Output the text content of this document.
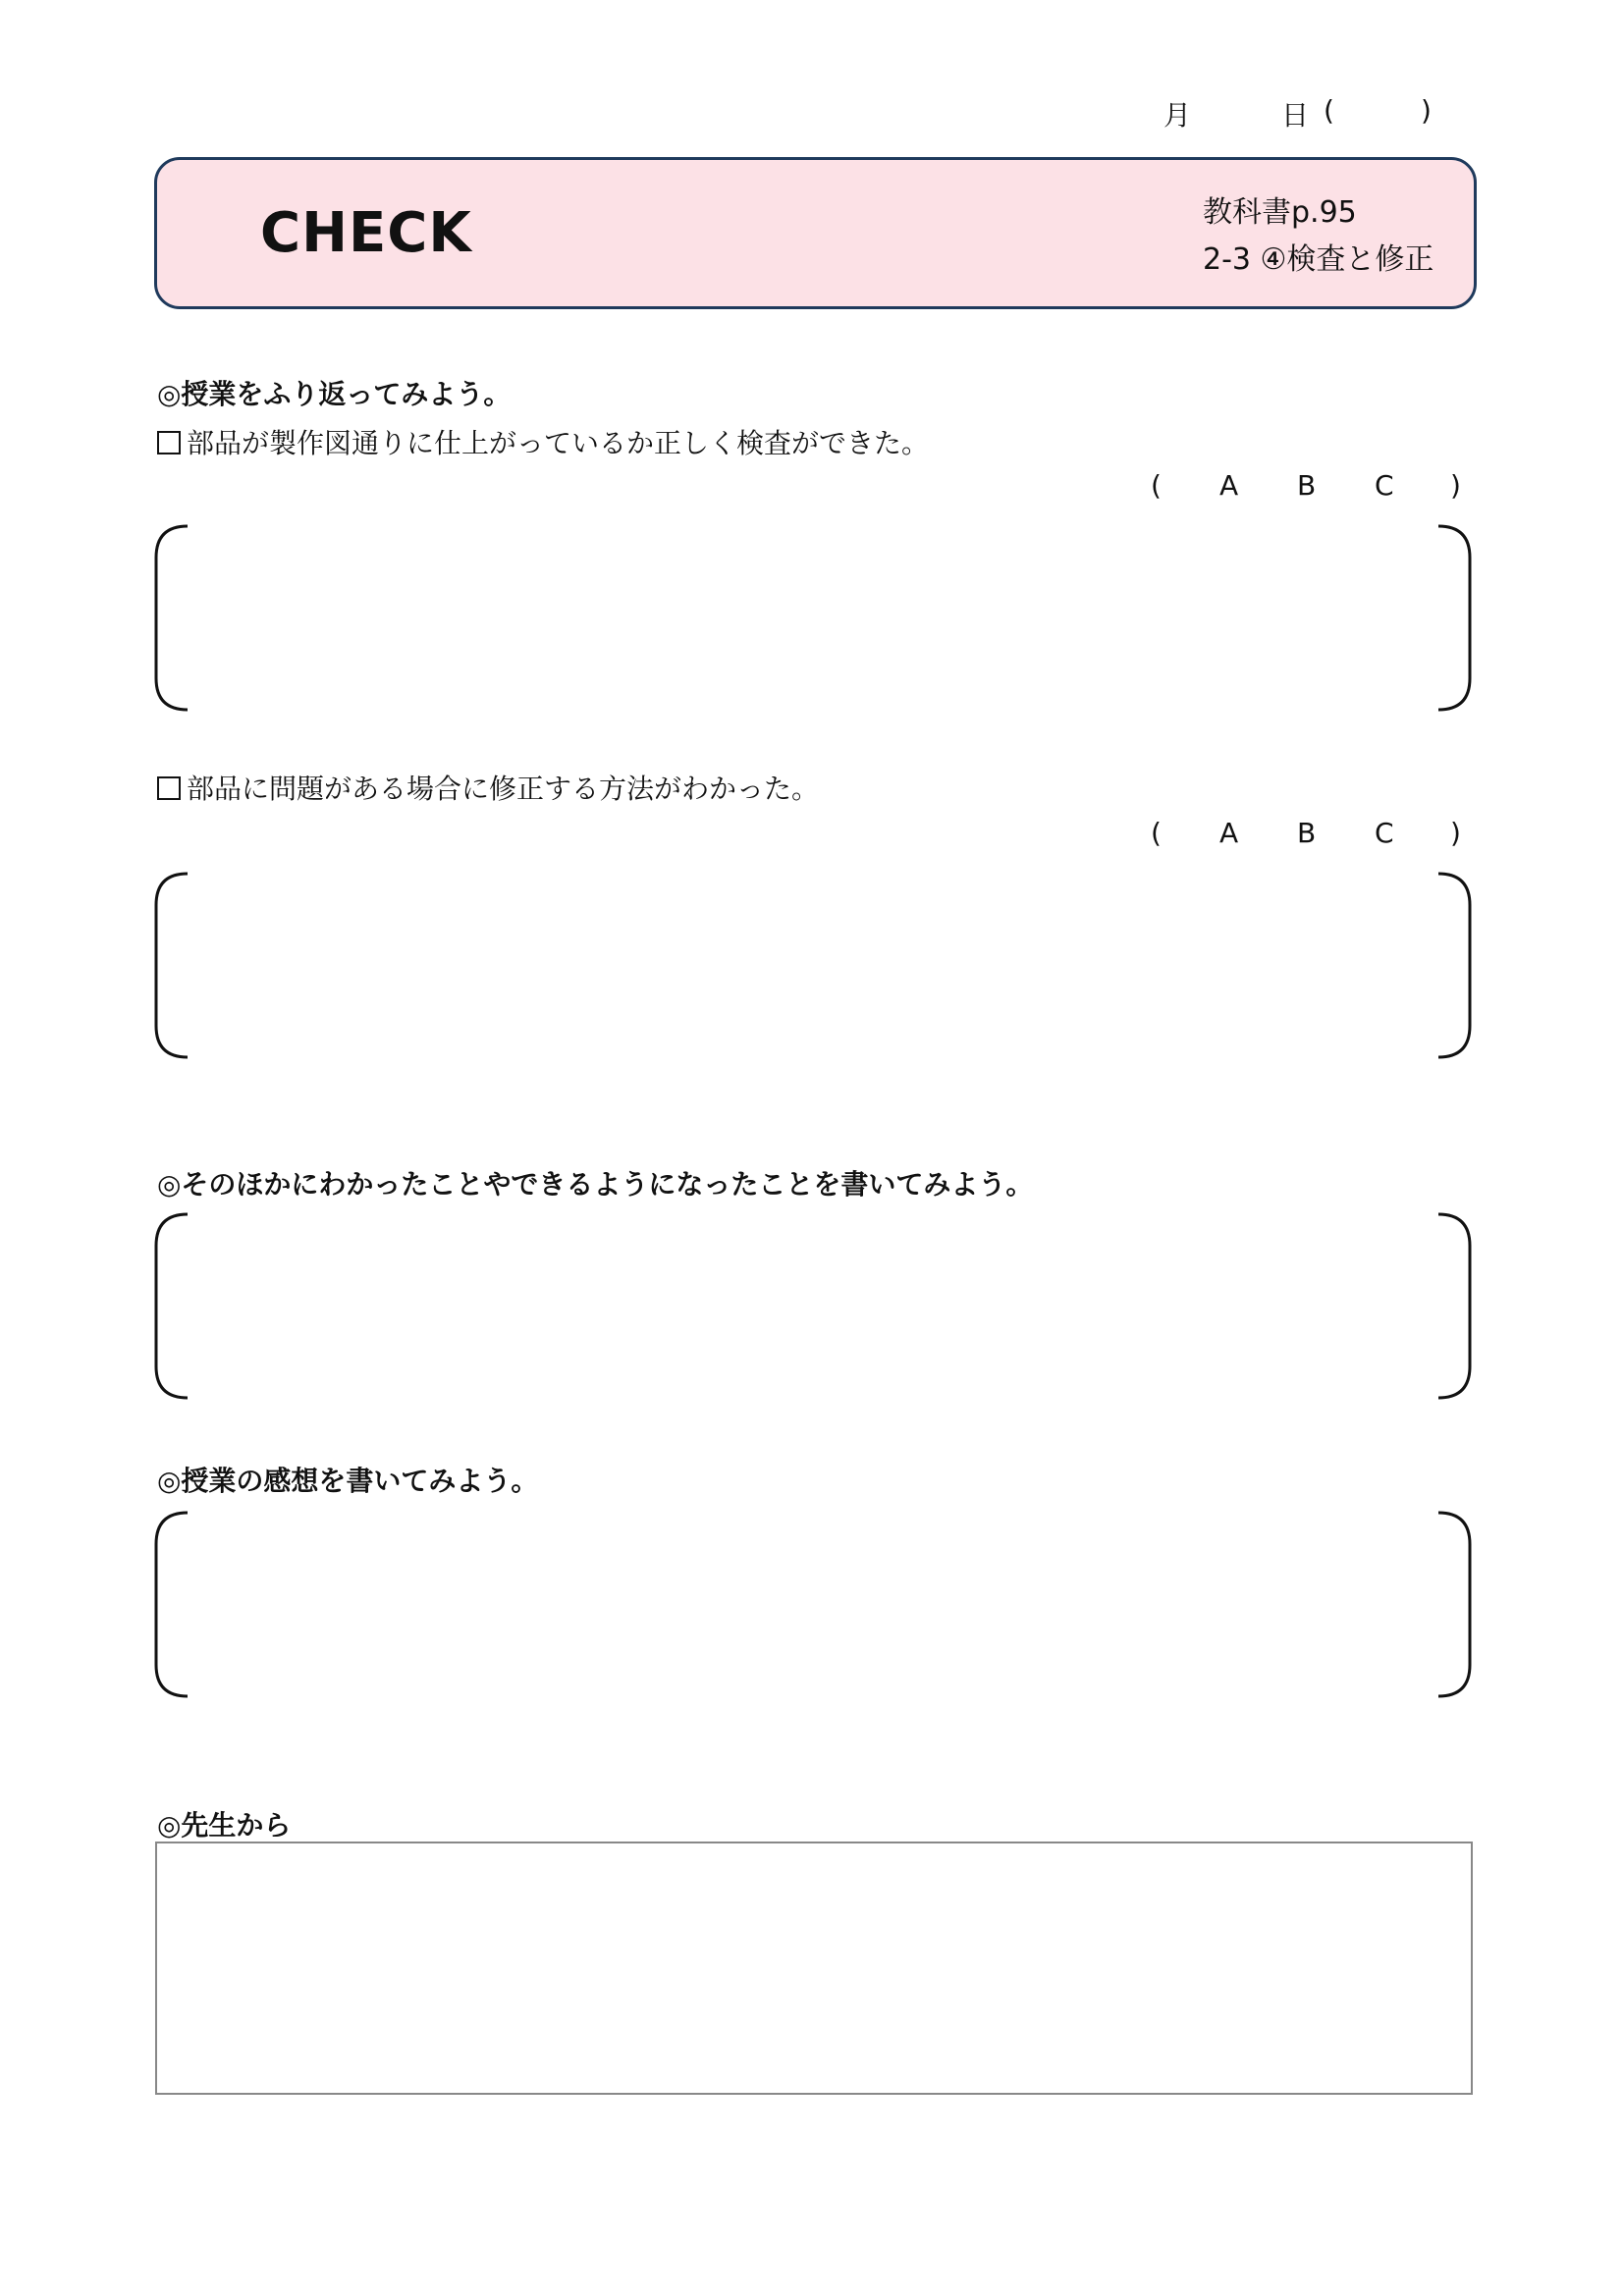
月	日 (	)
CHECK	教科書p.95
2-3 ④検査と修正
◎授業をふり返ってみよう。
部品が製作図通りに仕上がっているか正しく検査ができた。
( A B C )
部品に問題がある場合に修正する方法がわかった。
( A B C )
◎そのほかにわかったことやできるようになったことを書いてみよう。
◎授業の感想を書いてみよう。
◎先生から
